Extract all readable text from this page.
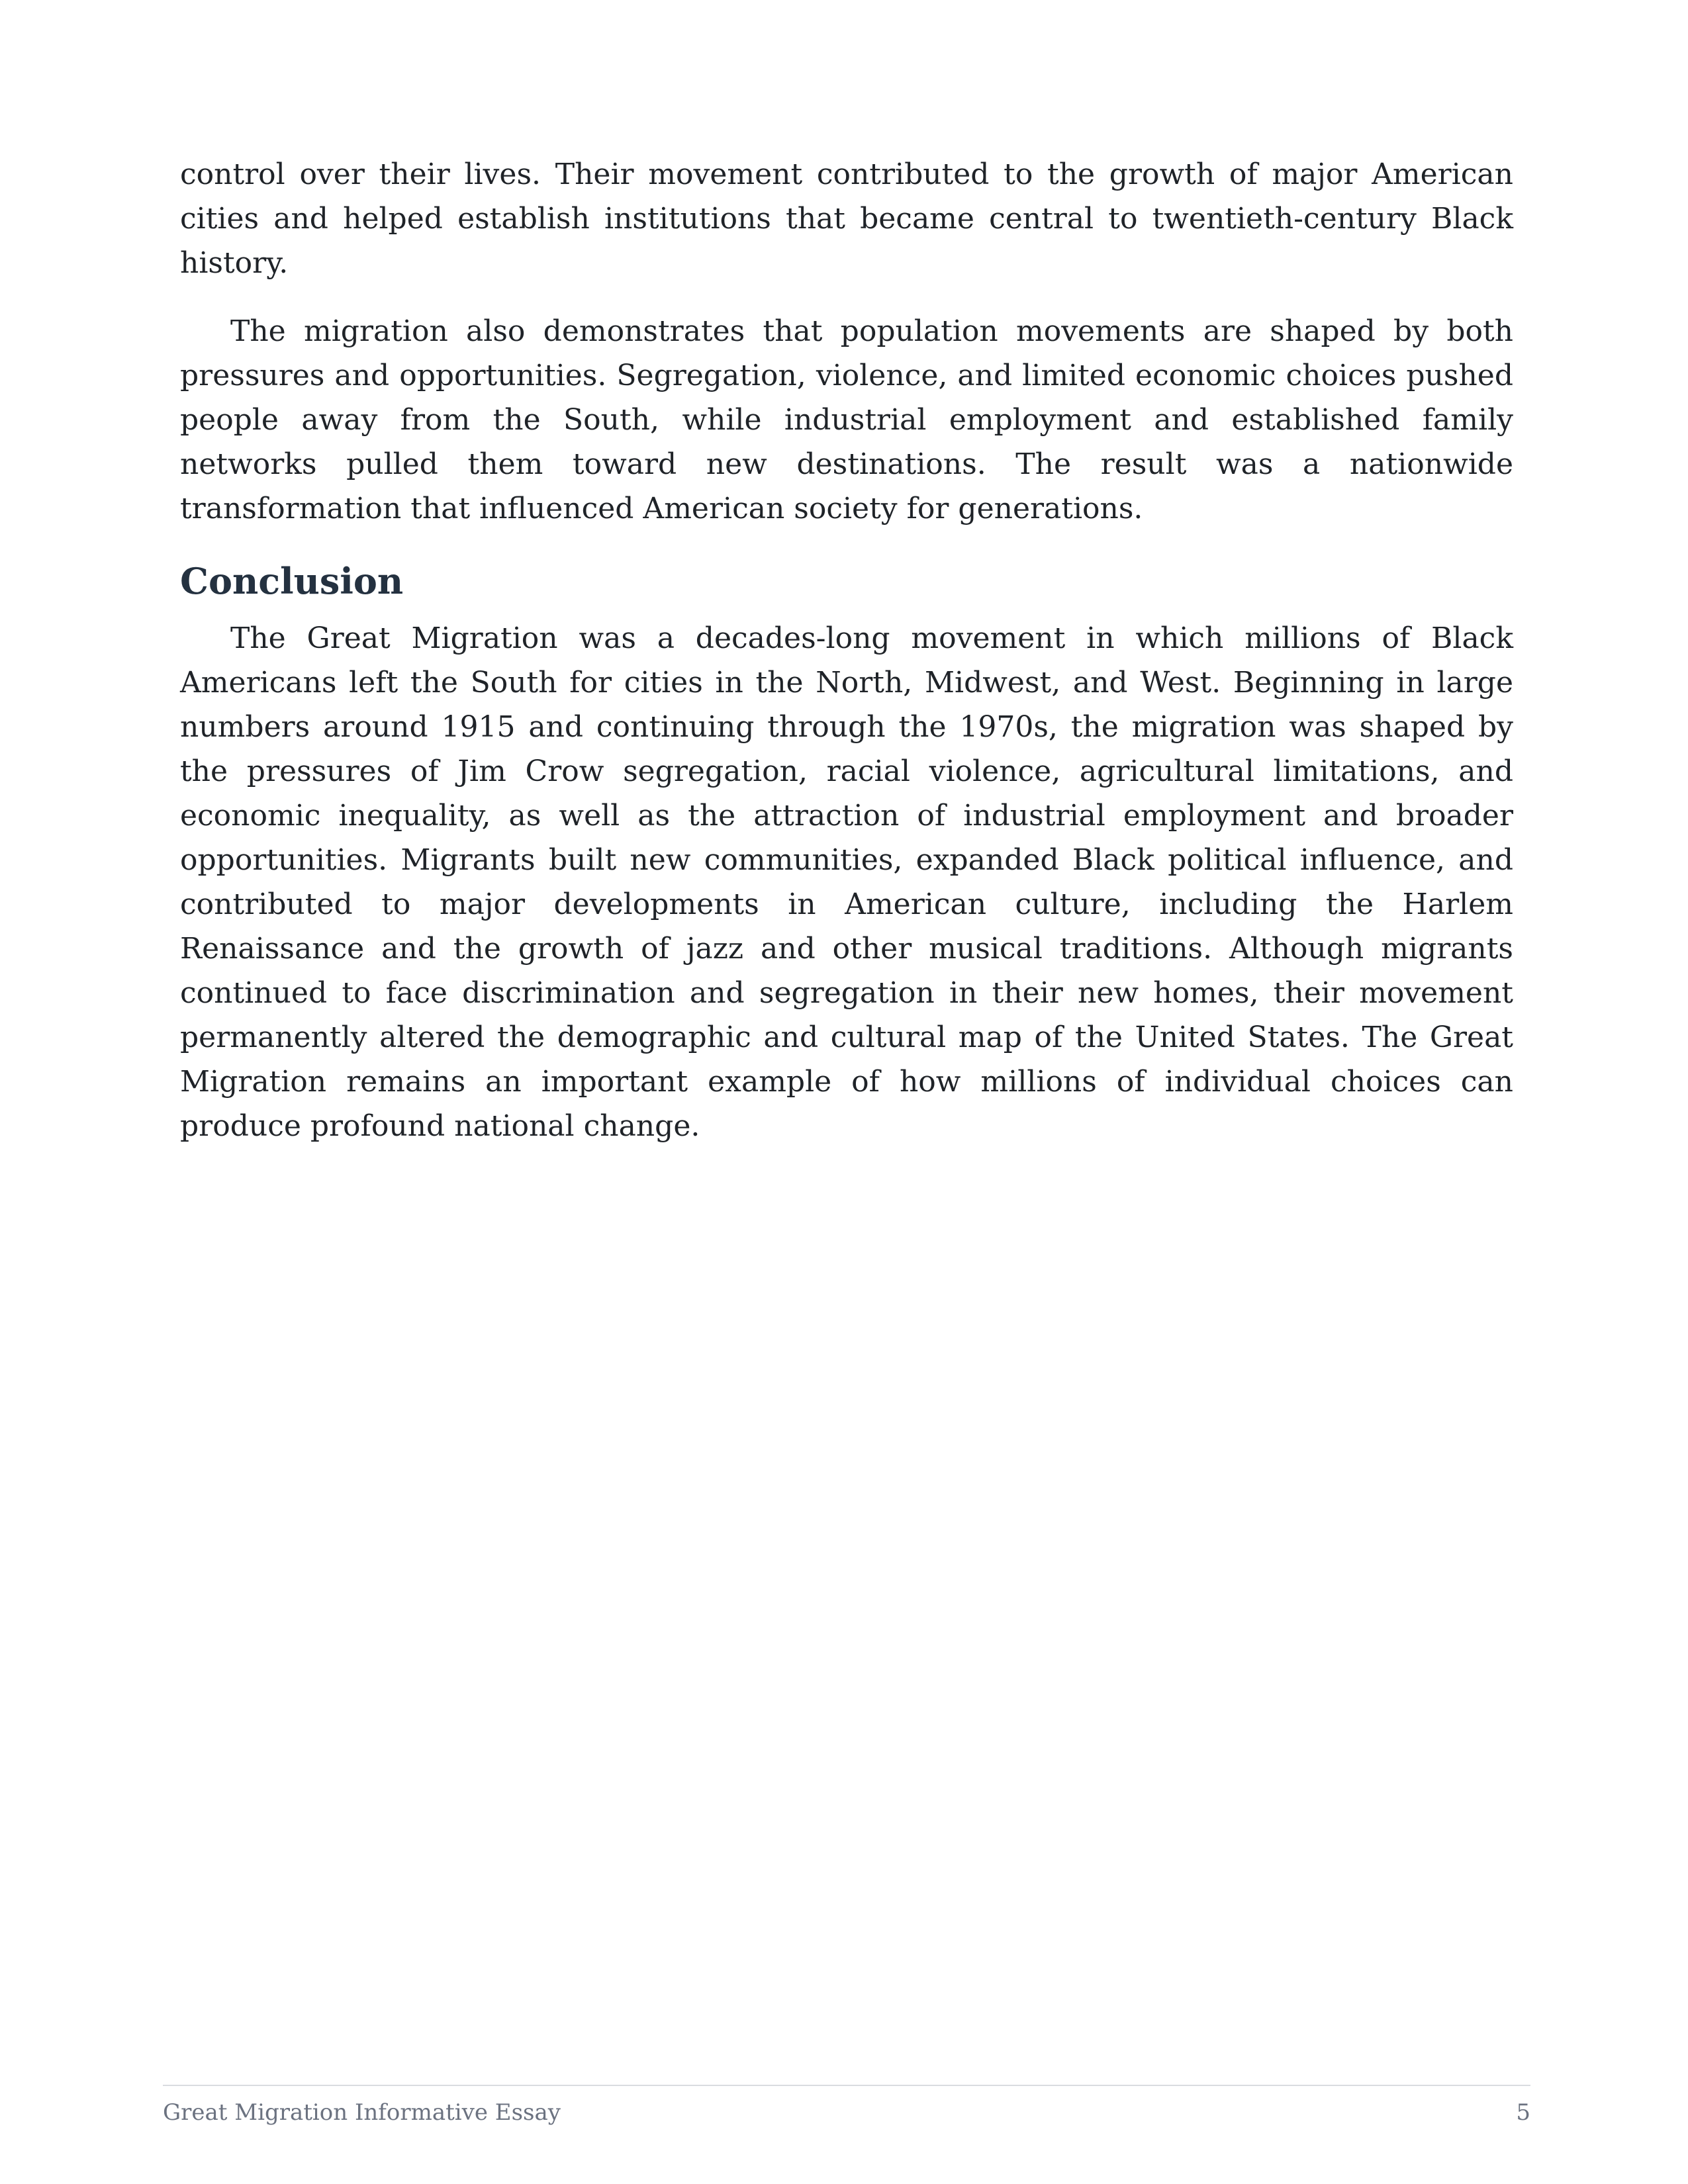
control over their lives. Their movement contributed to the growth of major American cities and helped establish institutions that became central to twentieth-century Black history.

The migration also demonstrates that population movements are shaped by both pressures and opportunities. Segregation, violence, and limited economic choices pushed people away from the South, while industrial employment and established family networks pulled them toward new destinations. The result was a nationwide transformation that influenced American society for generations.

Conclusion

The Great Migration was a decades-long movement in which millions of Black Americans left the South for cities in the North, Midwest, and West. Beginning in large numbers around 1915 and continuing through the 1970s, the migration was shaped by the pressures of Jim Crow segregation, racial violence, agricultural limitations, and economic inequality, as well as the attraction of industrial employment and broader opportunities. Migrants built new communities, expanded Black political influence, and contributed to major developments in American culture, including the Harlem Renaissance and the growth of jazz and other musical traditions. Although migrants continued to face discrimination and segregation in their new homes, their movement permanently altered the demographic and cultural map of the United States. The Great Migration remains an important example of how millions of individual choices can produce profound national change.

Great Migration Informative Essay	5
